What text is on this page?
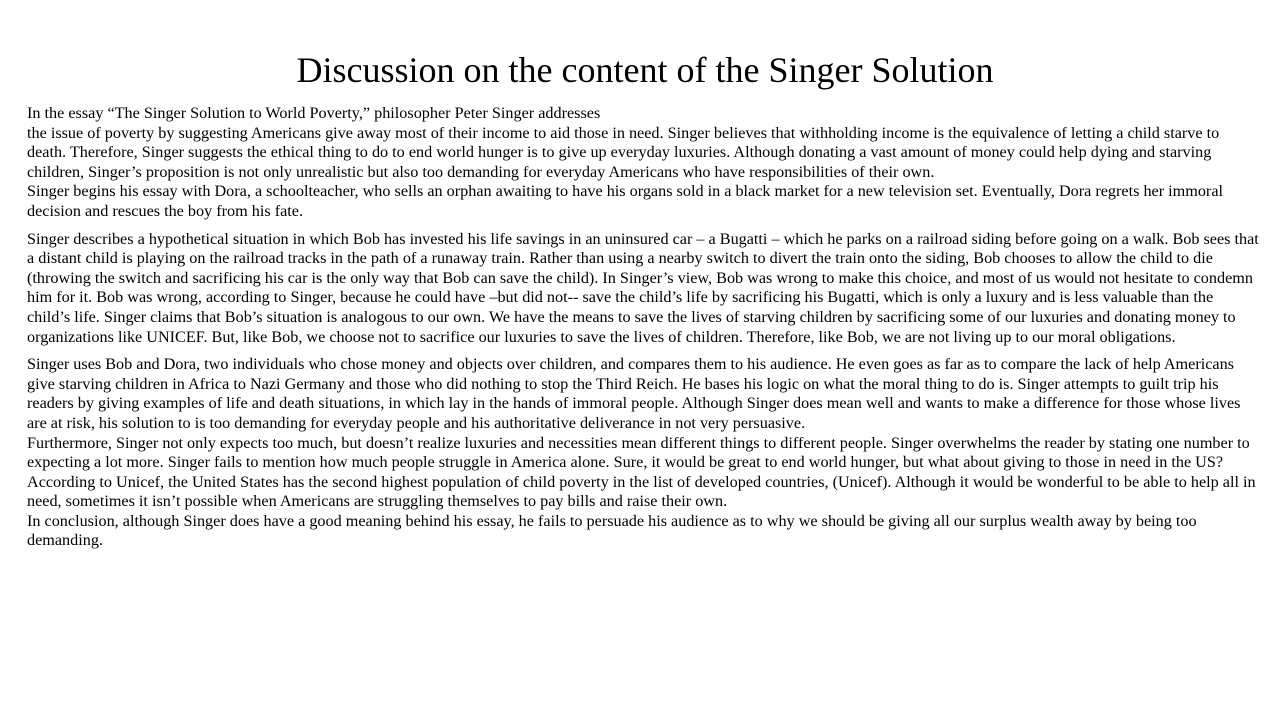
Discussion on the content of the Singer Solution

In the essay “The Singer Solution to World Poverty,” philosopher Peter Singer addresses

the issue of poverty by suggesting Americans give away most of their income to aid those in need. Singer believes that withholding income is the equivalence of letting a child starve to death. Therefore, Singer suggests the ethical thing to do to end world hunger is to give up everyday luxuries. Although donating a vast amount of money could help dying and starving children, Singer’s proposition is not only unrealistic but also too demanding for everyday Americans who have responsibilities of their own.

Singer begins his essay with Dora, a schoolteacher, who sells an orphan awaiting to have his organs sold in a black market for a new television set. Eventually, Dora regrets her immoral decision and rescues the boy from his fate.

Singer describes a hypothetical situation in which Bob has invested his life savings in an uninsured car – a Bugatti – which he parks on a railroad siding before going on a walk. Bob sees that a distant child is playing on the railroad tracks in the path of a runaway train. Rather than using a nearby switch to divert the train onto the siding, Bob chooses to allow the child to die (throwing the switch and sacrificing his car is the only way that Bob can save the child). In Singer’s view, Bob was wrong to make this choice, and most of us would not hesitate to condemn him for it. Bob was wrong, according to Singer, because he could have –but did not-- save the child’s life by sacrificing his Bugatti, which is only a luxury and is less valuable than the child’s life. Singer claims that Bob’s situation is analogous to our own. We have the means to save the lives of starving children by sacrificing some of our luxuries and donating money to organizations like UNICEF. But, like Bob, we choose not to sacrifice our luxuries to save the lives of children. Therefore, like Bob, we are not living up to our moral obligations.

Singer uses Bob and Dora, two individuals who chose money and objects over children, and compares them to his audience. He even goes as far as to compare the lack of help Americans give starving children in Africa to Nazi Germany and those who did nothing to stop the Third Reich. He bases his logic on what the moral thing to do is. Singer attempts to guilt trip his readers by giving examples of life and death situations, in which lay in the hands of immoral people. Although Singer does mean well and wants to make a difference for those whose lives are at risk, his solution to is too demanding for everyday people and his authoritative deliverance in not very persuasive.

Furthermore, Singer not only expects too much, but doesn’t realize luxuries and necessities mean different things to different people. Singer overwhelms the reader by stating one number to expecting a lot more. Singer fails to mention how much people struggle in America alone. Sure, it would be great to end world hunger, but what about giving to those in need in the US? According to Unicef, the United States has the second highest population of child poverty in the list of developed countries, (Unicef). Although it would be wonderful to be able to help all in need, sometimes it isn’t possible when Americans are struggling themselves to pay bills and raise their own.

In conclusion, although Singer does have a good meaning behind his essay, he fails to persuade his audience as to why we should be giving all our surplus wealth away by being too demanding.
